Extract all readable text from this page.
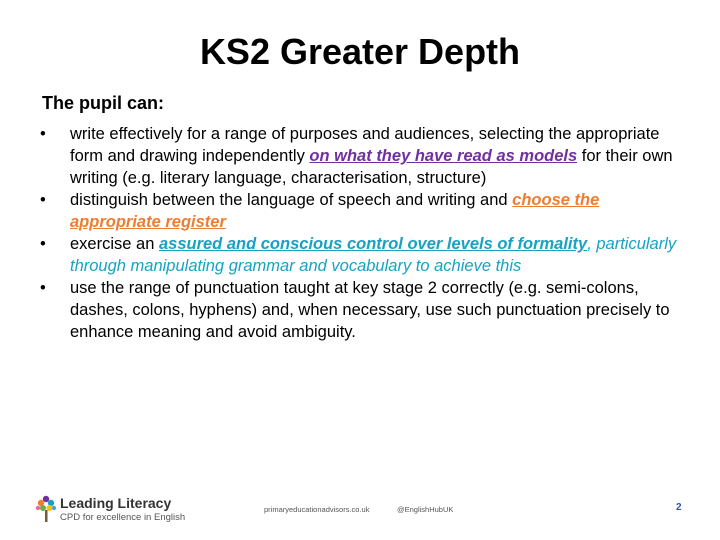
KS2 Greater Depth
The pupil can:
•	write effectively for a range of purposes and audiences, selecting the appropriate form and drawing independently on what they have read as models for their own writing (e.g. literary language, characterisation, structure)
•	distinguish between the language of speech and writing and choose the appropriate register
•	exercise an assured and conscious control over levels of formality, particularly through manipulating grammar and vocabulary to achieve this
•	use the range of punctuation taught at key stage 2 correctly (e.g. semi-colons, dashes, colons, hyphens) and, when necessary, use such punctuation precisely to enhance meaning and avoid ambiguity.
Leading Literacy
CPD for excellence in English
primaryeducationadvisors.co.uk	@EnglishHubUK	2
